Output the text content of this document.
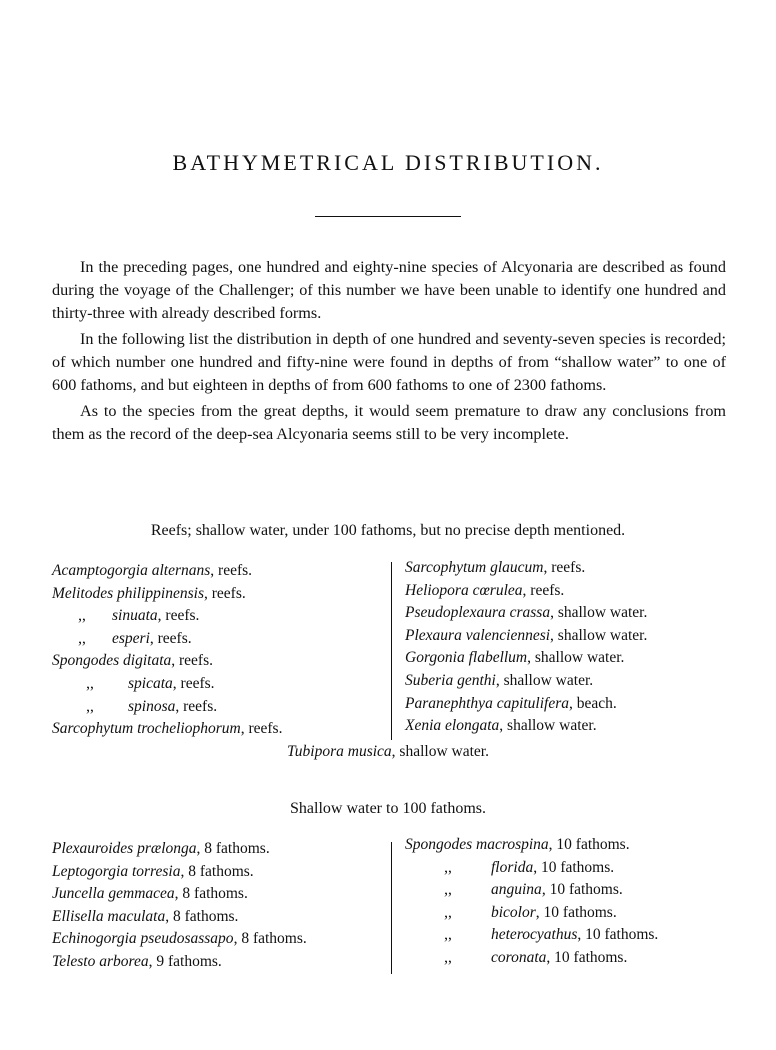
BATHYMETRICAL DISTRIBUTION.

In the preceding pages, one hundred and eighty-nine species of Alcyonaria are described as found during the voyage of the Challenger; of this number we have been unable to identify one hundred and thirty-three with already described forms.

In the following list the distribution in depth of one hundred and seventy-seven species is recorded; of which number one hundred and fifty-nine were found in depths of from “shallow water” to one of 600 fathoms, and but eighteen in depths of from 600 fathoms to one of 2300 fathoms.

As to the species from the great depths, it would seem premature to draw any conclusions from them as the record of the deep-sea Alcyonaria seems still to be very incomplete.

Reefs; shallow water, under 100 fathoms, but no precise depth mentioned.
Acamptogorgia alternans, reefs.
Melitodes philippinensis, reefs.
,, sinuata, reefs.
,, esperi, reefs.
Spongodes digitata, reefs.
,, spicata, reefs.
,, spinosa, reefs.
Sarcophytum trocheliophorum, reefs.
Sarcophytum glaucum, reefs.
Heliopora cœrulea, reefs.
Pseudoplexaura crassa, shallow water.
Plexaura valenciennesi, shallow water.
Gorgonia flabellum, shallow water.
Suberia genthi, shallow water.
Paranephthya capitulifera, beach.
Xenia elongata, shallow water.
Tubipora musica, shallow water.
Shallow water to 100 fathoms.
Plexauroides prælonga, 8 fathoms.
Leptogorgia torresia, 8 fathoms.
Juncella gemmacea, 8 fathoms.
Ellisella maculata, 8 fathoms.
Echinogorgia pseudosassapo, 8 fathoms.
Telesto arborea, 9 fathoms.
Spongodes macrospina, 10 fathoms.
,,	florida, 10 fathoms.
,,	anguina, 10 fathoms.
,,	bicolor, 10 fathoms.
,,	heterocyathus, 10 fathoms.
,,	coronata, 10 fathoms.
